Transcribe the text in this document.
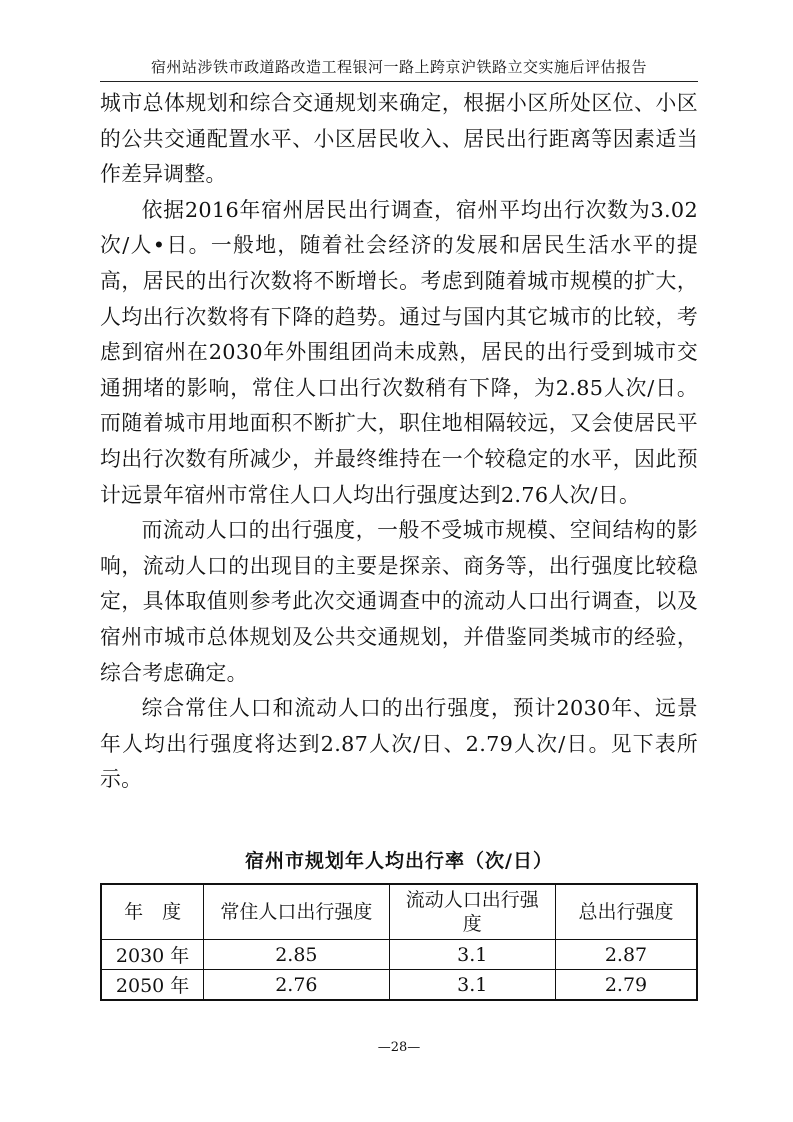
宿州站涉铁市政道路改造工程银河一路上跨京沪铁路立交实施后评估报告

城市总体规划和综合交通规划来确定，根据小区所处区位、小区的公共交通配置水平、小区居民收入、居民出行距离等因素适当作差异调整。

依据2016年宿州居民出行调查，宿州平均出行次数为3.02次/人•日。一般地，随着社会经济的发展和居民生活水平的提高，居民的出行次数将不断增长。考虑到随着城市规模的扩大，人均出行次数将有下降的趋势。通过与国内其它城市的比较，考虑到宿州在2030年外围组团尚未成熟，居民的出行受到城市交通拥堵的影响，常住人口出行次数稍有下降，为2.85人次/日。而随着城市用地面积不断扩大，职住地相隔较远，又会使居民平均出行次数有所减少，并最终维持在一个较稳定的水平，因此预计远景年宿州市常住人口人均出行强度达到2.76人次/日。

而流动人口的出行强度，一般不受城市规模、空间结构的影响，流动人口的出现目的主要是探亲、商务等，出行强度比较稳定，具体取值则参考此次交通调查中的流动人口出行调查，以及宿州市城市总体规划及公共交通规划，并借鉴同类城市的经验，综合考虑确定。

综合常住人口和流动人口的出行强度，预计2030年、远景年人均出行强度将达到2.87人次/日、2.79人次/日。见下表所示。

宿州市规划年人均出行率（次/日）
年　度	常住人口出行强度	流动人口出行强度	总出行强度
2030 年	2.85	3.1	2.87
2050 年	2.76	3.1	2.79
—28—
